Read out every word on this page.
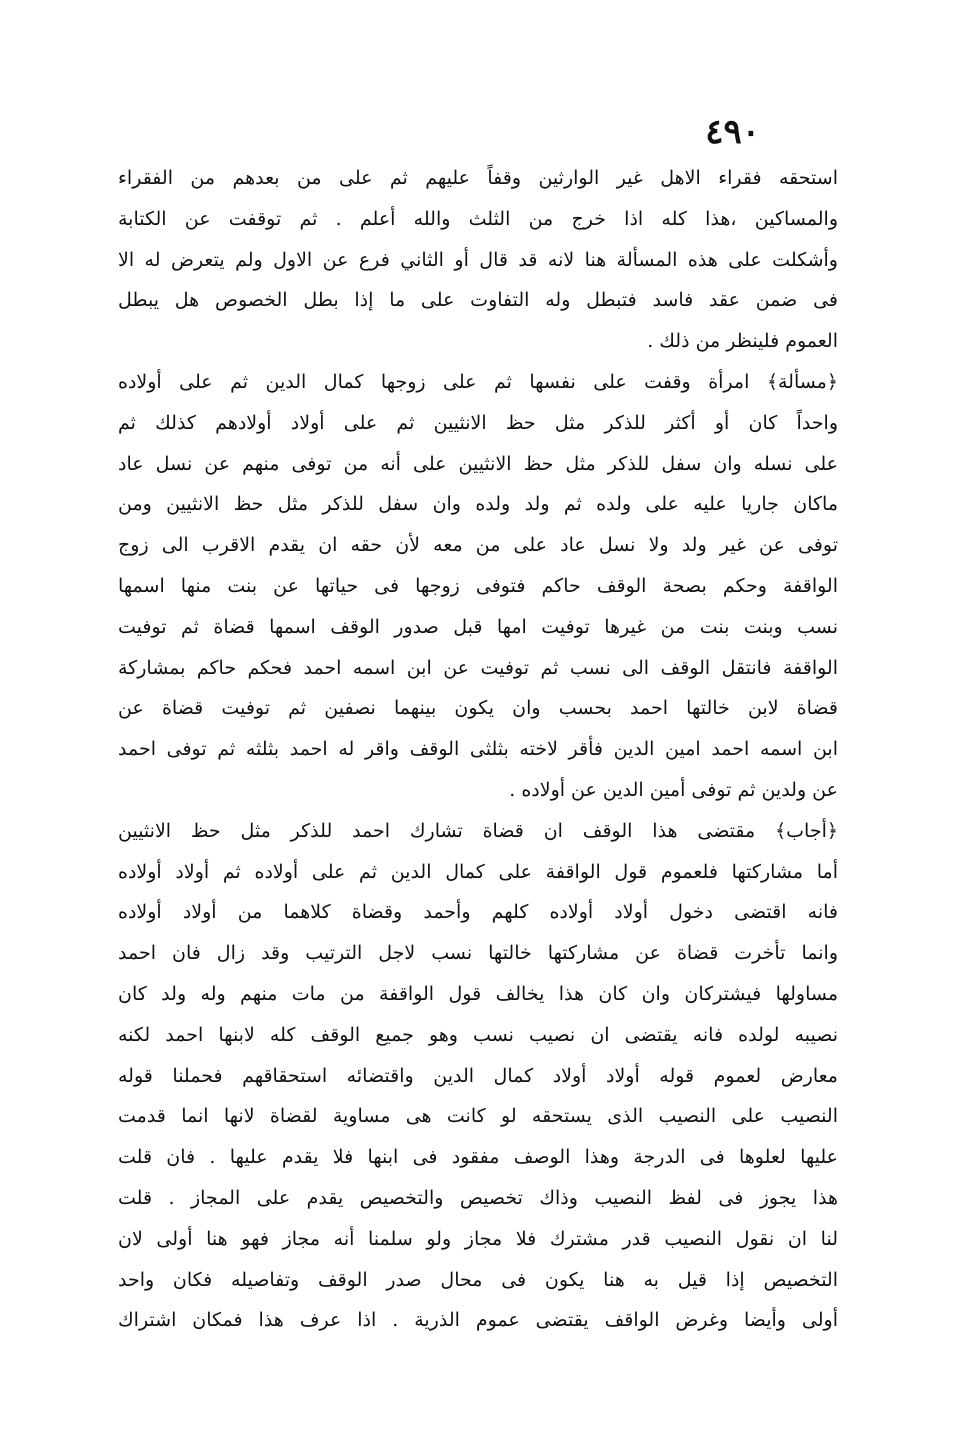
٤٩٠
استحقه فقراء الاهل غير الوارثين وقفاً عليهم ثم على من بعدهم من الفقراء
والمساكين ،هذا كله اذا خرج من الثلث والله أعلم . ثم توقفت عن الكتابة
وأشكلت على هذه المسألة هنا لانه قد قال أو الثاني فرع عن الاول ولم يتعرض له الا
فى ضمن عقد فاسد فتبطل وله التفاوت على ما إذا بطل الخصوص هل يبطل
العموم فلينظر من ذلك .
﴿مسألة﴾ امرأة وقفت على نفسها ثم على زوجها كمال الدين ثم على أولاده
واحداً كان أو أكثر للذكر مثل حظ الانثيين ثم على أولاد أولادهم كذلك ثم
على نسله وان سفل للذكر مثل حظ الانثيين على أنه من توفى منهم عن نسل عاد
ماكان جاريا عليه على ولده ثم ولد ولده وان سفل للذكر مثل حظ الانثيين ومن
توفى عن غير ولد ولا نسل عاد على من معه لأن حقه ان يقدم الاقرب الى زوج
الواقفة وحكم بصحة الوقف حاكم فتوفى زوجها فى حياتها عن بنت منها اسمها
نسب وبنت بنت من غيرها توفيت امها قبل صدور الوقف اسمها قضاة ثم توفيت
الواقفة فانتقل الوقف الى نسب ثم توفيت عن ابن اسمه احمد فحكم حاكم بمشاركة
قضاة لابن خالتها احمد بحسب وان يكون بينهما نصفين ثم توفيت قضاة عن
ابن اسمه احمد امين الدين فأقر لاخته بثلثى الوقف واقر له احمد بثلثه ثم توفى احمد
عن ولدين ثم توفى أمين الدين عن أولاده .
﴿أجاب﴾ مقتضى هذا الوقف ان قضاة تشارك احمد للذكر مثل حظ الانثيين
أما مشاركتها فلعموم قول الواقفة على كمال الدين ثم على أولاده ثم أولاد أولاده
فانه اقتضى دخول أولاد أولاده كلهم وأحمد وقضاة كلاهما من أولاد أولاده
وانما تأخرت قضاة عن مشاركتها خالتها نسب لاجل الترتيب وقد زال فان احمد
مساولها فيشتركان وان كان هذا يخالف قول الواقفة من مات منهم وله ولد كان
نصيبه لولده فانه يقتضى ان نصيب نسب وهو جميع الوقف كله لابنها احمد لكنه
معارض لعموم قوله أولاد أولاد كمال الدين واقتضائه استحقاقهم فحملنا قوله
النصيب على النصيب الذى يستحقه لو كانت هى مساوية لقضاة لانها انما قدمت
عليها لعلوها فى الدرجة وهذا الوصف مفقود فى ابنها فلا يقدم عليها . فان قلت
هذا يجوز فى لفظ النصيب وذاك تخصيص والتخصيص يقدم على المجاز . قلت
لنا ان نقول النصيب قدر مشترك فلا مجاز ولو سلمنا أنه مجاز فهو هنا أولى لان
التخصيص إذا قيل به هنا يكون فى محال صدر الوقف وتفاصيله فكان واحد
أولى وأيضا وغرض الواقف يقتضى عموم الذرية . اذا عرف هذا فمكان اشتراك
